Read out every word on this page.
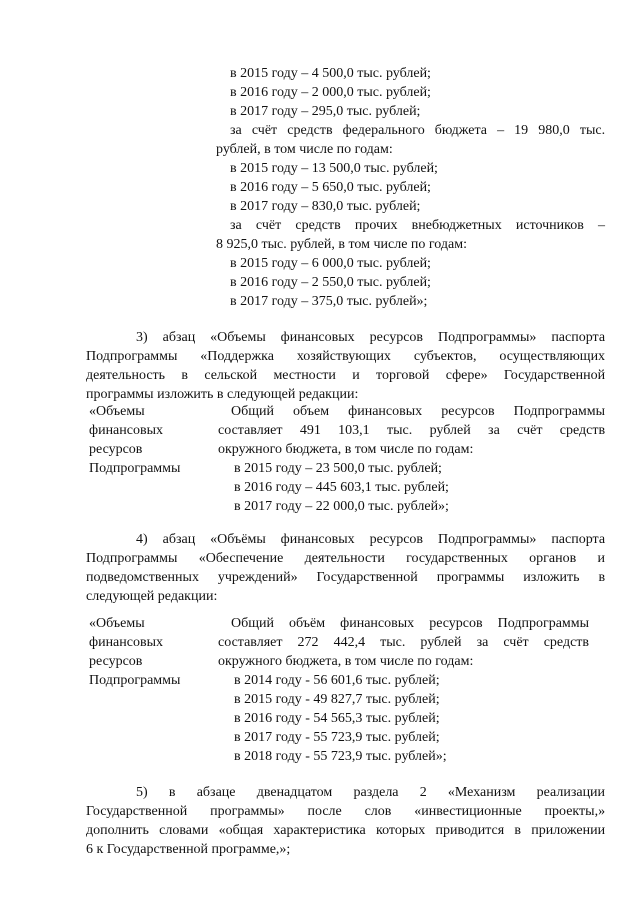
в 2015 году – 4 500,0 тыс. рублей;
в 2016 году – 2 000,0 тыс. рублей;
в 2017 году – 295,0 тыс. рублей;
за счёт средств федерального бюджета – 19 980,0 тыс.
рублей, в том числе по годам:
в 2015 году – 13 500,0 тыс. рублей;
в 2016 году – 5 650,0 тыс. рублей;
в 2017 году – 830,0 тыс. рублей;
за счёт средств прочих внебюджетных источников –
8 925,0 тыс. рублей, в том числе по годам:
в 2015 году – 6 000,0 тыс. рублей;
в 2016 году – 2 550,0 тыс. рублей;
в 2017 году – 375,0 тыс. рублей»;
3) абзац «Объемы финансовых ресурсов Подпрограммы» паспорта
Подпрограммы «Поддержка хозяйствующих субъектов, осуществляющих
деятельность в сельской местности и торговой сфере» Государственной
программы изложить в следующей редакции:
«Объемы
финансовых
ресурсов
Подпрограммы
Общий объем финансовых ресурсов Подпрограммы
составляет 491 103,1 тыс. рублей за счёт средств
окружного бюджета, в том числе по годам:
в 2015 году – 23 500,0 тыс. рублей;
в 2016 году – 445 603,1 тыс. рублей;
в 2017 году – 22 000,0 тыс. рублей»;
4) абзац «Объёмы финансовых ресурсов Подпрограммы» паспорта
Подпрограммы «Обеспечение деятельности государственных органов и
подведомственных учреждений» Государственной программы изложить в
следующей редакции:
«Объемы
финансовых
ресурсов
Подпрограммы
Общий объём финансовых ресурсов Подпрограммы
составляет 272 442,4 тыс. рублей за счёт средств
окружного бюджета, в том числе по годам:
в 2014 году - 56 601,6 тыс. рублей;
в 2015 году - 49 827,7 тыс. рублей;
в 2016 году - 54 565,3 тыс. рублей;
в 2017 году - 55 723,9 тыс. рублей;
в 2018 году - 55 723,9 тыс. рублей»;
5) в абзаце двенадцатом раздела 2 «Механизм реализации
Государственной программы» после слов «инвестиционные проекты,»
дополнить словами «общая характеристика которых приводится в приложении
6 к Государственной программе,»;
